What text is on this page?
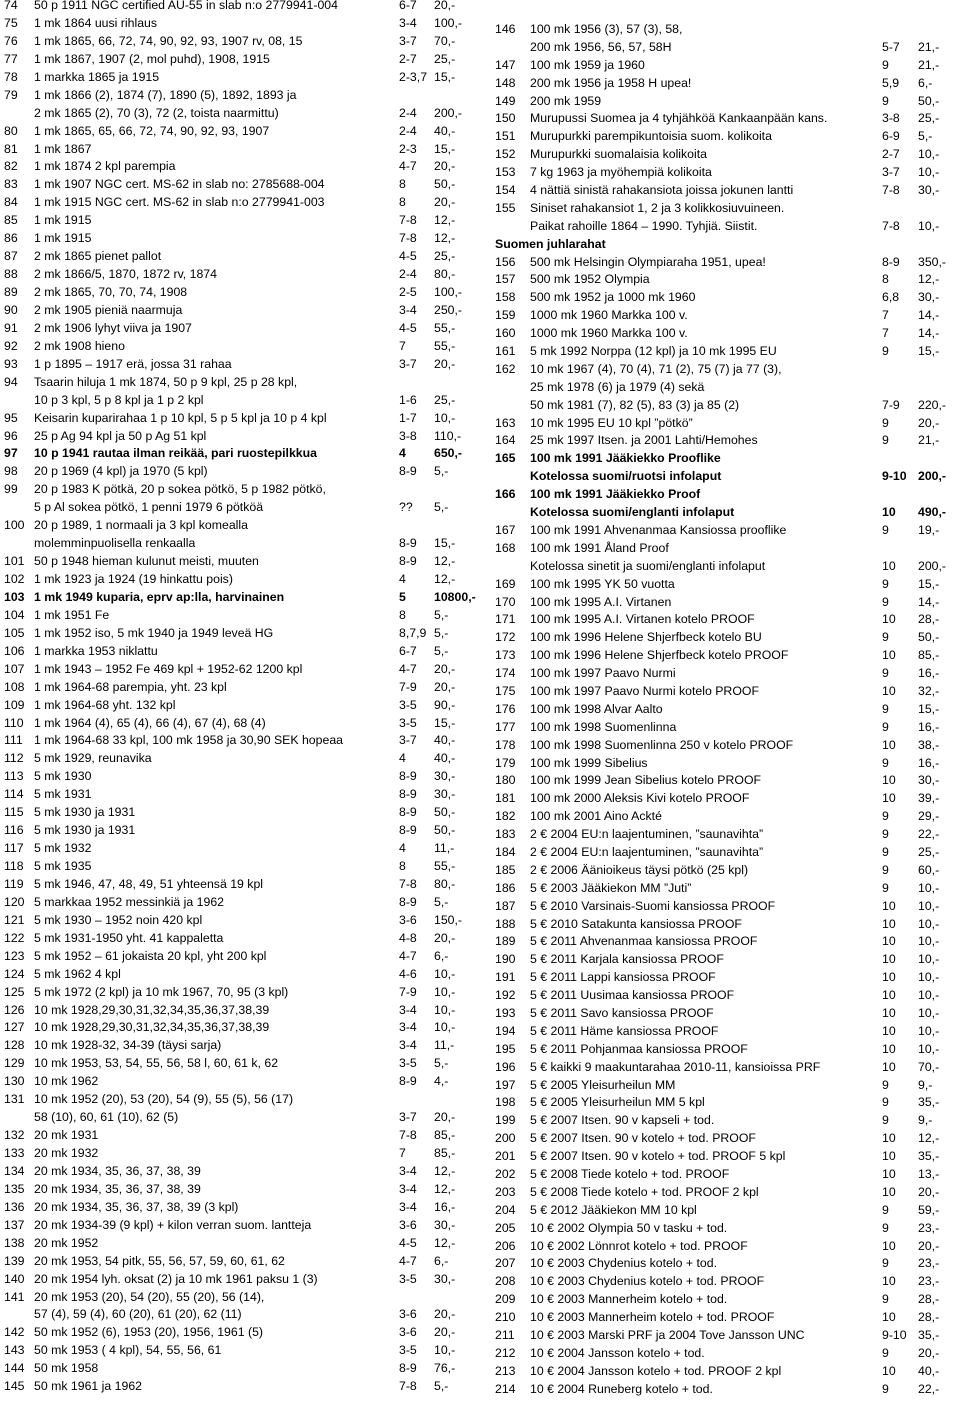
74 50 p 1911 NGC certified AU-55 in slab n:o 2779941-004	6-7 20,-
75 1 mk 1864 uusi rihlaus	3-4 100,-
76 1 mk 1865, 66, 72, 74, 90, 92, 93, 1907 rv, 08, 15	3-7 70,-
77 1 mk 1867, 1907 (2, mol puhd), 1908, 1915	2-7 25,-
78 1 markka 1865 ja 1915	2-3,7 15,-
79 1 mk 1866 (2), 1874 (7), 1890 (5), 1892, 1893 ja
2 mk 1865 (2), 70 (3), 72 (2, toista naarmittu)	2-4 200,-
80 1 mk 1865, 65, 66, 72, 74, 90, 92, 93, 1907	2-4 40,-
81 1 mk 1867	2-3 15,-
82 1 mk 1874 2 kpl parempia	4-7 20,-
83 1 mk 1907 NGC cert. MS-62 in slab no: 2785688-004	8 50,-
84 1 mk 1915 NGC cert. MS-62 in slab n:o 2779941-003	8 20,-
85 1 mk 1915	7-8 12,-
86 1 mk 1915	7-8 12,-
87 2 mk 1865 pienet pallot	4-5 25,-
88 2 mk 1866/5, 1870, 1872 rv, 1874	2-4 80,-
89 2 mk 1865, 70, 70, 74, 1908	2-5 100,-
90 2 mk 1905 pieniä naarmuja	3-4 250,-
91 2 mk 1906 lyhyt viiva ja 1907	4-5 55,-
92 2 mk 1908 hieno	7 55,-
93 1 p 1895 – 1917 erä, jossa 31 rahaa	3-7 20,-
94 Tsaarin hiluja 1 mk 1874, 50 p 9 kpl, 25 p 28 kpl,
10 p 3 kpl, 5 p 8 kpl ja 1 p 2 kpl	1-6 25,-
95 Keisarin kuparirahaa 1 p 10 kpl, 5 p 5 kpl ja 10 p 4 kpl	1-7 10,-
96 25 p Ag 94 kpl ja 50 p Ag 51 kpl	3-8 110,-
97 10 p 1941 rautaa ilman reikää, pari ruostepilkkua	4 650,-
98 20 p 1969 (4 kpl) ja 1970 (5 kpl)	8-9 5,-
99 20 p 1983 K pötkä, 20 p sokea pötkö, 5 p 1982 pötkö,
5 p Al sokea pötkö, 1 penni 1979 6 pötköä	?? 5,-
100 20 p 1989, 1 normaali ja 3 kpl komealla
molemminpuolisella renkaalla	8-9 15,-
101 50 p 1948 hieman kulunut meisti, muuten	8-9 12,-
102 1 mk 1923 ja 1924 (19 hinkattu pois)	4 12,-
103 1 mk 1949 kuparia, eprv ap:lla, harvinainen	5 10800,-
104 1 mk 1951 Fe	8 5,-
105 1 mk 1952 iso, 5 mk 1940 ja 1949 leveä HG	8,7,9 5,-
106 1 markka 1953 niklattu	6-7 5,-
107 1 mk 1943 – 1952 Fe 469 kpl + 1952-62 1200 kpl	4-7 20,-
108 1 mk 1964-68 parempia, yht. 23 kpl	7-9 20,-
109 1 mk 1964-68 yht. 132 kpl	3-5 90,-
110 1 mk 1964 (4), 65 (4), 66 (4), 67 (4), 68 (4)	3-5 15,-
111 1 mk 1964-68 33 kpl, 100 mk 1958 ja 30,90 SEK hopeaa	3-7 40,-
112 5 mk 1929, reunavika	4 40,-
113 5 mk 1930	8-9 30,-
114 5 mk 1931	8-9 30,-
115 5 mk 1930 ja 1931	8-9 50,-
116 5 mk 1930 ja 1931	8-9 50,-
117 5 mk 1932	4 11,-
118 5 mk 1935	8 55,-
119 5 mk 1946, 47, 48, 49, 51 yhteensä 19 kpl	7-8 80,-
120 5 markkaa 1952 messinkiä ja 1962	8-9 5,-
121 5 mk 1930 – 1952 noin 420 kpl	3-6 150,-
122 5 mk 1931-1950 yht. 41 kappaletta	4-8 20,-
123 5 mk 1952 – 61 jokaista 20 kpl, yht 200 kpl	4-7 6,-
124 5 mk 1962 4 kpl	4-6 10,-
125 5 mk 1972 (2 kpl) ja 10 mk 1967, 70, 95 (3 kpl)	7-9 10,-
126 10 mk 1928,29,30,31,32,34,35,36,37,38,39	3-4 10,-
127 10 mk 1928,29,30,31,32,34,35,36,37,38,39	3-4 10,-
128 10 mk 1928-32, 34-39 (täysi sarja)	3-4 11,-
129 10 mk 1953, 53, 54, 55, 56, 58 l, 60, 61 k, 62	3-5 5,-
130 10 mk 1962	8-9 4,-
131 10 mk 1952 (20), 53 (20), 54 (9), 55 (5), 56 (17)
58 (10), 60, 61 (10), 62 (5)	3-7 20,-
132 20 mk 1931	7-8 85,-
133 20 mk 1932	7 85,-
134 20 mk 1934, 35, 36, 37, 38, 39	3-4 12,-
135 20 mk 1934, 35, 36, 37, 38, 39	3-4 12,-
136 20 mk 1934, 35, 36, 37, 38, 39 (3 kpl)	3-4 16,-
137 20 mk 1934-39 (9 kpl) + kilon verran suom. lantteja	3-6 30,-
138 20 mk 1952	4-5 12,-
139 20 mk 1953, 54 pitk, 55, 56, 57, 59, 60, 61, 62	4-7 6,-
140 20 mk 1954 lyh. oksat (2) ja 10 mk 1961 paksu 1 (3)	3-5 30,-
141 20 mk 1953 (20), 54 (20), 55 (20), 56 (14),
57 (4), 59 (4), 60 (20), 61 (20), 62 (11)	3-6 20,-
142 50 mk 1952 (6), 1953 (20), 1956, 1961 (5)	3-6 20,-
143 50 mk 1953 ( 4 kpl), 54, 55, 56, 61	3-5 10,-
144 50 mk 1958	8-9 76,-
145 50 mk 1961 ja 1962	7-8 5,-
146 100 mk 1956 (3), 57 (3), 58,
200 mk 1956, 56, 57, 58H	5-7 21,-
147 100 mk 1959 ja 1960	9 21,-
148 200 mk 1956 ja 1958 H upea!	5,9 6,-
149 200 mk 1959	9 50,-
150 Murupussi Suomea ja 4 tyhjähköä Kankaanpään kans.	3-8 25,-
151 Murupurkki parempikuntoisia suom. kolikoita	6-9 5,-
152 Murupurkki suomalaisia kolikoita	2-7 10,-
153 7 kg 1963 ja myöhempiä kolikoita	3-7 10,-
154 4 nättiä sinistä rahakansiota joissa jokunen lantti	7-8 30,-
155 Siniset rahakansiot 1, 2 ja 3 kolikkosiuvuineen.
Paikat rahoille 1864 – 1990. Tyhjiä. Siistit.	7-8 10,-
Suomen juhlarahat
156 500 mk Helsingin Olympiaraha 1951, upea!	8-9 350,-
157 500 mk 1952 Olympia	8 12,-
158 500 mk 1952 ja 1000 mk 1960	6,8 30,-
159 1000 mk 1960 Markka 100 v.	7 14,-
160 1000 mk 1960 Markka 100 v.	7 14,-
161 5 mk 1992 Norppa (12 kpl) ja 10 mk 1995 EU	9 15,-
162 10 mk 1967 (4), 70 (4), 71 (2), 75 (7) ja 77 (3),
25 mk 1978 (6) ja 1979 (4) sekä
50 mk 1981 (7), 82 (5), 83 (3) ja 85 (2)	7-9 220,-
163 10 mk 1995 EU 10 kpl ”pötkö”	9 20,-
164 25 mk 1997 Itsen. ja 2001 Lahti/Hemohes	9 21,-
165 100 mk 1991 Jääkiekko Prooflike
Kotelossa suomi/ruotsi infolaput	9-10 200,-
166 100 mk 1991 Jääkiekko Proof
Kotelossa suomi/englanti infolaput	10 490,-
167 100 mk 1991 Ahvenanmaa Kansiossa prooflike	9 19,-
168 100 mk 1991 Åland Proof
Kotelossa sinetit ja suomi/englanti infolaput	10 200,-
169 100 mk 1995 YK 50 vuotta	9 15,-
170 100 mk 1995 A.I. Virtanen	9 14,-
171 100 mk 1995 A.I. Virtanen kotelo PROOF	10 28,-
172 100 mk 1996 Helene Shjerfbeck kotelo BU	9 50,-
173 100 mk 1996 Helene Shjerfbeck kotelo PROOF	10 85,-
174 100 mk 1997 Paavo Nurmi	9 16,-
175 100 mk 1997 Paavo Nurmi kotelo PROOF	10 32,-
176 100 mk 1998 Alvar Aalto	9 15,-
177 100 mk 1998 Suomenlinna	9 16,-
178 100 mk 1998 Suomenlinna 250 v kotelo PROOF	10 38,-
179 100 mk 1999 Sibelius	9 16,-
180 100 mk 1999 Jean Sibelius kotelo PROOF	10 30,-
181 100 mk 2000 Aleksis Kivi kotelo PROOF	10 39,-
182 100 mk 2001 Aino Ackté	9 29,-
183 2 € 2004 EU:n laajentuminen, ”saunavihta”	9 22,-
184 2 € 2004 EU:n laajentuminen, ”saunavihta”	9 25,-
185 2 € 2006 Äänioikeus täysi pötkö (25 kpl)	9 60,-
186 5 € 2003 Jääkiekon MM ”Juti”	9 10,-
187 5 € 2010 Varsinais-Suomi kansiossa PROOF	10 10,-
188 5 € 2010 Satakunta kansiossa PROOF	10 10,-
189 5 € 2011 Ahvenanmaa kansiossa PROOF	10 10,-
190 5 € 2011 Karjala kansiossa PROOF	10 10,-
191 5 € 2011 Lappi kansiossa PROOF	10 10,-
192 5 € 2011 Uusimaa kansiossa PROOF	10 10,-
193 5 € 2011 Savo kansiossa PROOF	10 10,-
194 5 € 2011 Häme kansiossa PROOF	10 10,-
195 5 € 2011 Pohjanmaa kansiossa PROOF	10 10,-
196 5 € kaikki 9 maakuntarahaa 2010-11, kansioissa PRF	10 70,-
197 5 € 2005 Yleisurheilun MM	9 9,-
198 5 € 2005 Yleisurheilun MM 5 kpl	9 35,-
199 5 € 2007 Itsen. 90 v kapseli + tod.	9 9,-
200 5 € 2007 Itsen. 90 v kotelo + tod. PROOF	10 12,-
201 5 € 2007 Itsen. 90 v kotelo + tod. PROOF 5 kpl	10 35,-
202 5 € 2008 Tiede kotelo + tod. PROOF	10 13,-
203 5 € 2008 Tiede kotelo + tod. PROOF 2 kpl	10 20,-
204 5 € 2012 Jääkiekon MM 10 kpl	9 59,-
205 10 € 2002 Olympia 50 v tasku + tod.	9 23,-
206 10 € 2002 Lönnrot kotelo + tod. PROOF	10 20,-
207 10 € 2003 Chydenius kotelo + tod.	9 23,-
208 10 € 2003 Chydenius kotelo + tod. PROOF	10 23,-
209 10 € 2003 Mannerheim kotelo + tod.	9 28,-
210 10 € 2003 Mannerheim kotelo + tod. PROOF	10 28,-
211 10 € 2003 Marski PRF ja 2004 Tove Jansson UNC	9-10 35,-
212 10 € 2004 Jansson kotelo + tod.	9 20,-
213 10 € 2004 Jansson kotelo + tod. PROOF 2 kpl	10 40,-
214 10 € 2004 Runeberg kotelo + tod.	9 22,-
